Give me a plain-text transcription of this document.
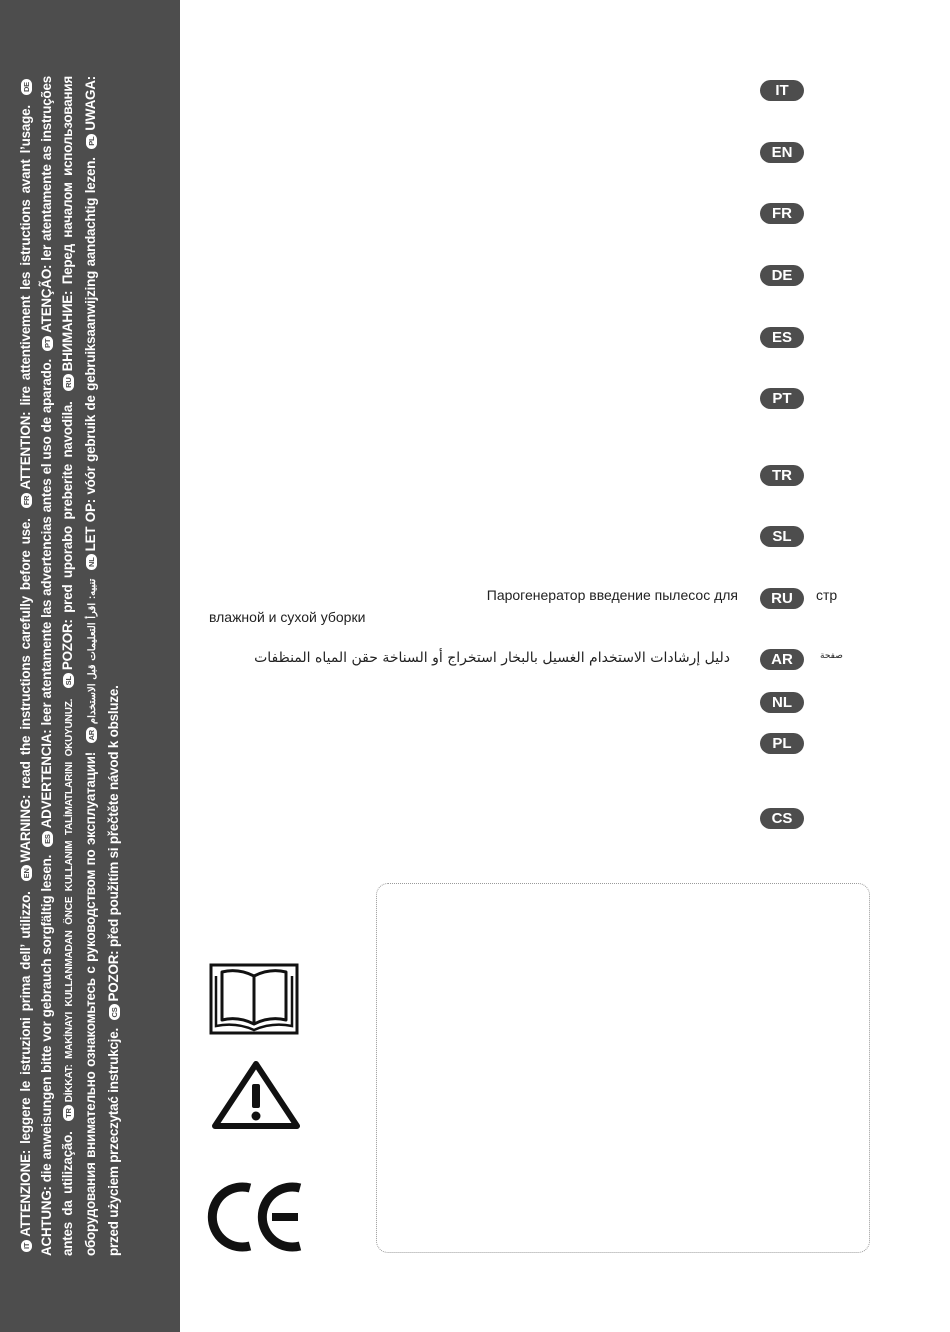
ITATTENZIONE: leggere le istruzioni prima dell’ utilizzo. ENWARNING: read the instructions carefully before use. FRATTENTION: lire attentivement les istructions avant l’usage. DEACHTUNG: die anweisungen bitte vor gebrauch sorgfältig lesen. ESADVERTENCIA: leer atentamente las advertencias antes el uso de aparado. PTATENÇÃO: ler atentamente as instruções antes da utilização. TRDİKKAT: MAKİNAYI KULLANMADAN ÖNCE KULLANIM TALİMATLARINI OKUYUNUZ. SLPOZOR: pred uporabo preberite navodila. RUВНИМАНИЕ: Перед началом использования оборудования внимательно ознакомьтесь с руководством по эксплуатации! ARتنبيه: اقرأ التعليمات قبل الاستخدام NLLET OP: vóór gebruik de gebruiksaanwijzing aandachtig lezen. PLUWAGA: przed użyciem przeczytać instrukcje. CSPOZOR: před použitím si přečtěte návod k obsluze.
IT
EN
FR
DE
ES
PT
TR
SL
RU
AR
NL
PL
CS
Парогенератор введение пылесос для
влажной и сухой уборки
стр
دليل إرشادات الاستخدام الغسيل بالبخار استخراج أو السناخة حقن المياه المنظفات	صفحة
